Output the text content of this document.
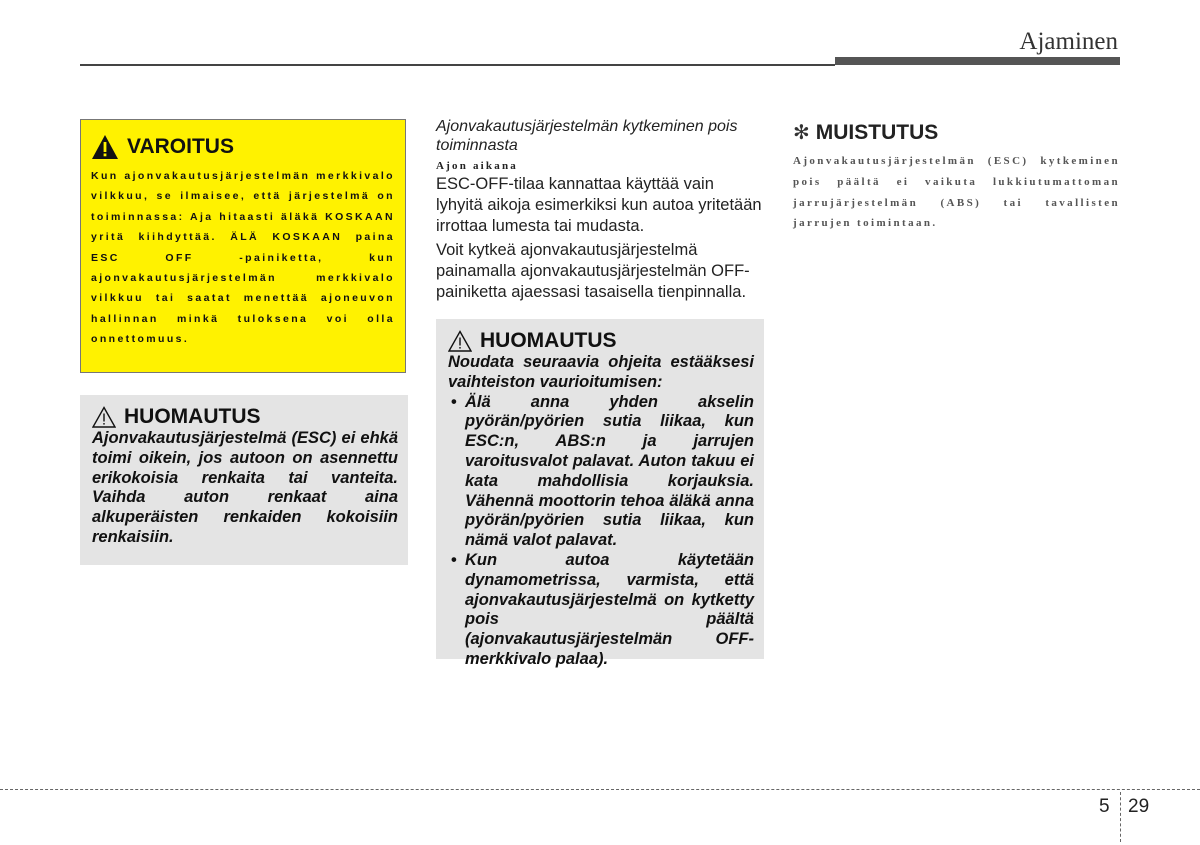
Ajaminen
VAROITUS

Kun ajonvakautusjärjestelmän merkkivalo vilkkuu, se ilmaisee, että järjestelmä on toiminnassa: Aja hitaasti äläkä KOSKAAN yritä kiihdyttää. ÄLÄ KOSKAAN paina ESC OFF -painiketta, kun ajonvakautusjärjestelmän merkkivalo vilkkuu tai saatat menettää ajoneuvon hallinnan minkä tuloksena voi olla onnettomuus.

HUOMAUTUS

Ajonvakautusjärjestelmä (ESC) ei ehkä toimi oikein, jos autoon on asennettu erikokoisia renkaita tai vanteita. Vaihda auton renkaat aina alkuperäisten renkaiden kokoisiin renkaisiin.

Ajonvakautusjärjestelmän kytkeminen pois toiminnasta

Ajon aikana

ESC-OFF-tilaa kannattaa käyttää vain lyhyitä aikoja esimerkiksi kun autoa yritetään irrottaa lumesta tai mudasta.

Voit kytkeä ajonvakautusjärjestelmä painamalla ajonvakautusjärjestelmän OFF-painiketta ajaessasi tasaisella tienpinnalla.

HUOMAUTUS

Noudata seuraavia ohjeita estääksesi vaihteiston vaurioitumisen:

• Älä anna yhden akselin pyörän/pyörien sutia liikaa, kun ESC:n, ABS:n ja jarrujen varoitusvalot palavat. Auton takuu ei kata mahdollisia korjauksia. Vähennä moottorin tehoa äläkä anna pyörän/pyörien sutia liikaa, kun nämä valot palavat.
• Kun autoa käytetään dynamometrissa, varmista, että ajonvakautusjärjestelmä on kytketty pois päältä (ajonvakautusjärjestelmän OFF-merkkivalo palaa).
✻ MUISTUTUS

Ajonvakautusjärjestelmän (ESC) kytkeminen pois päältä ei vaikuta lukkiutumattoman jarrujärjestelmän (ABS) tai tavallisten jarrujen toimintaan.

5 29
